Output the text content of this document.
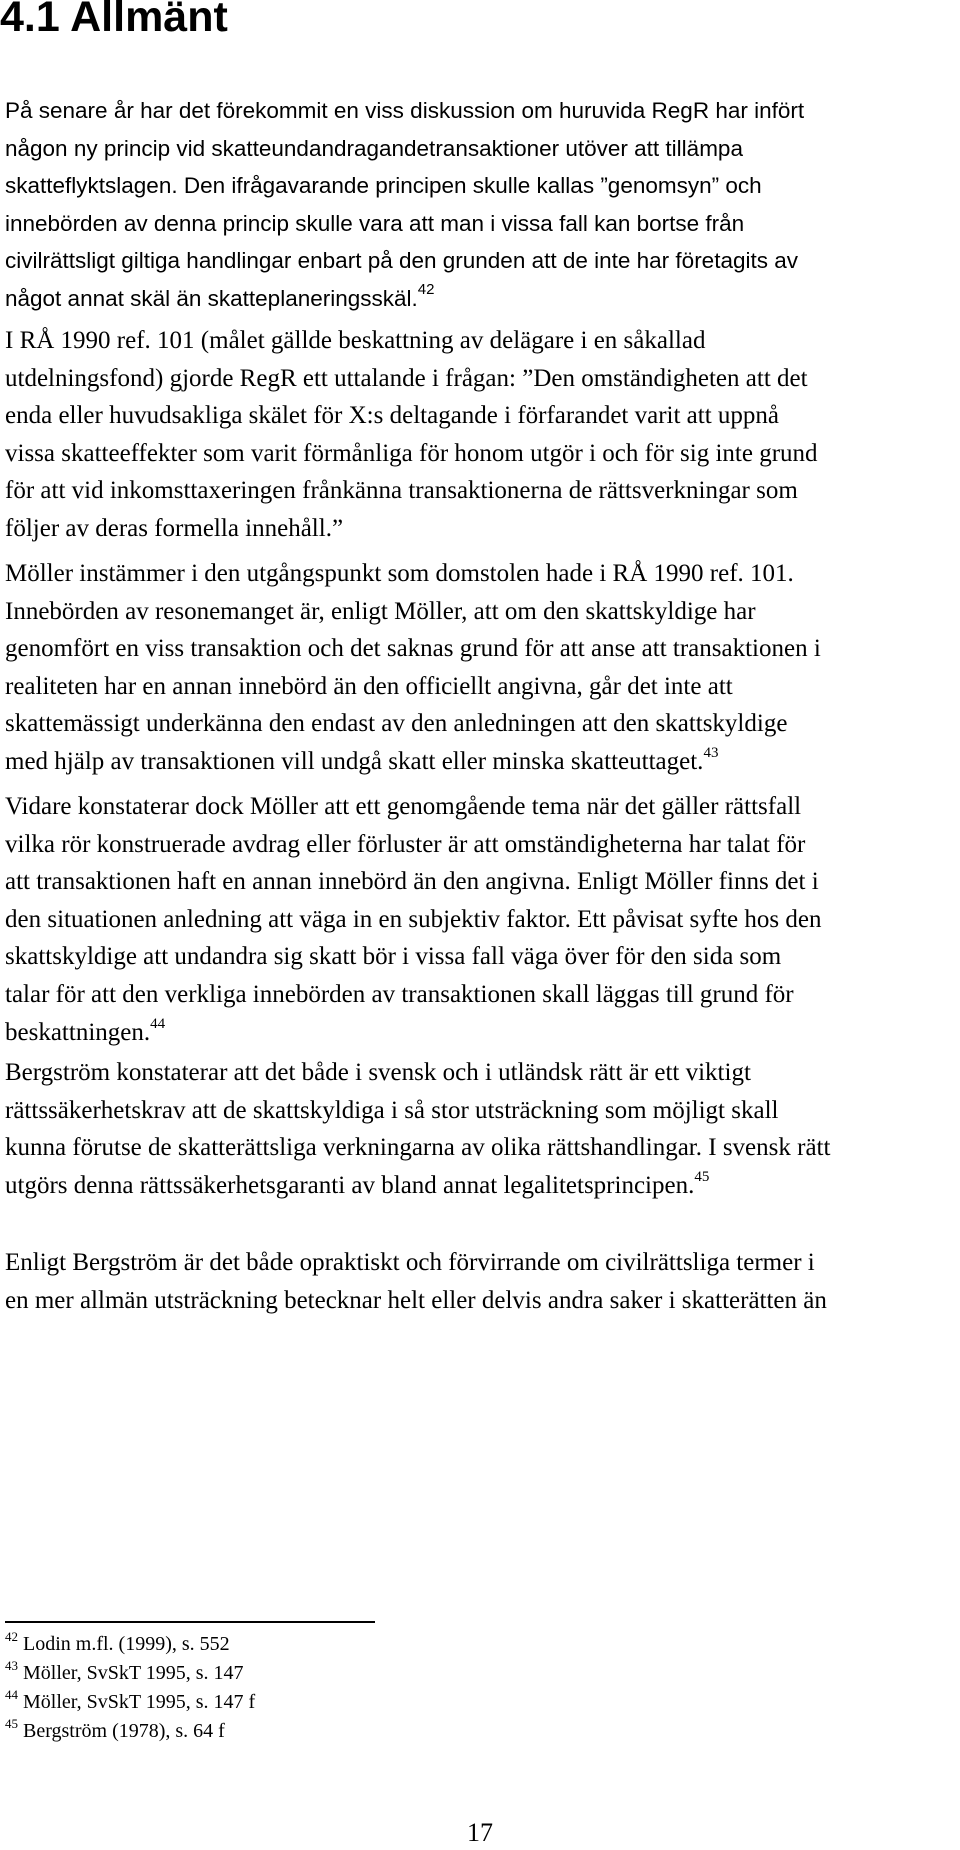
4.1 Allmänt
På senare år har det förekommit en viss diskussion om huruvida RegR har infört
någon ny princip vid skatteundandragandetransaktioner utöver att tillämpa
skatteflyktslagen. Den ifrågavarande principen skulle kallas ”genomsyn” och
innebörden av denna princip skulle vara att man i vissa fall kan bortse från
civilrättsligt giltiga handlingar enbart på den grunden att de inte har företagits av
något annat skäl än skatteplaneringsskäl.$^{42}$
I RÅ 1990 ref. 101 (målet gällde beskattning av delägare i en såkallad
utdelningsfond) gjorde RegR ett uttalande i frågan: ”Den omständigheten att det
enda eller huvudsakliga skälet för X:s deltagande i förfarandet varit att uppnå
vissa skatteeffekter som varit förmånliga för honom utgör i och för sig inte grund
för att vid inkomsttaxeringen frånkänna transaktionerna de rättsverkningar som
följer av deras formella innehåll.”
Möller instämmer i den utgångspunkt som domstolen hade i RÅ 1990 ref. 101.
Innebörden av resonemanget är, enligt Möller, att om den skattskyldige har
genomfört en viss transaktion och det saknas grund för att anse att transaktionen i
realiteten har en annan innebörd än den officiellt angivna, går det inte att
skattemässigt underkänna den endast av den anledningen att den skattskyldige
med hjälp av transaktionen vill undgå skatt eller minska skatteuttaget.$^{43}$
Vidare konstaterar dock Möller att ett genomgående tema när det gäller rättsfall
vilka rör konstruerade avdrag eller förluster är att omständigheterna har talat för
att transaktionen haft en annan innebörd än den angivna. Enligt Möller finns det i
den situationen anledning att väga in en subjektiv faktor. Ett påvisat syfte hos den
skattskyldige att undandra sig skatt bör i vissa fall väga över för den sida som
talar för att den verkliga innebörden av transaktionen skall läggas till grund för
beskattningen.$^{44}$
Bergström konstaterar att det både i svensk och i utländsk rätt är ett viktigt
rättssäkerhetskrav att de skattskyldiga i så stor utsträckning som möjligt skall
kunna förutse de skatterättsliga verkningarna av olika rättshandlingar. I svensk rätt
utgörs denna rättssäkerhetsgaranti av bland annat legalitetsprincipen.$^{45}$
Enligt Bergström är det både opraktiskt och förvirrande om civilrättsliga termer i
en mer allmän utsträckning betecknar helt eller delvis andra saker i skatterätten än
$^{42}$ Lodin m.fl. (1999), s. 552
$^{43}$ Möller, SvSkT 1995, s. 147
$^{44}$ Möller, SvSkT 1995, s. 147 f
$^{45}$ Bergström (1978), s. 64 f
17
